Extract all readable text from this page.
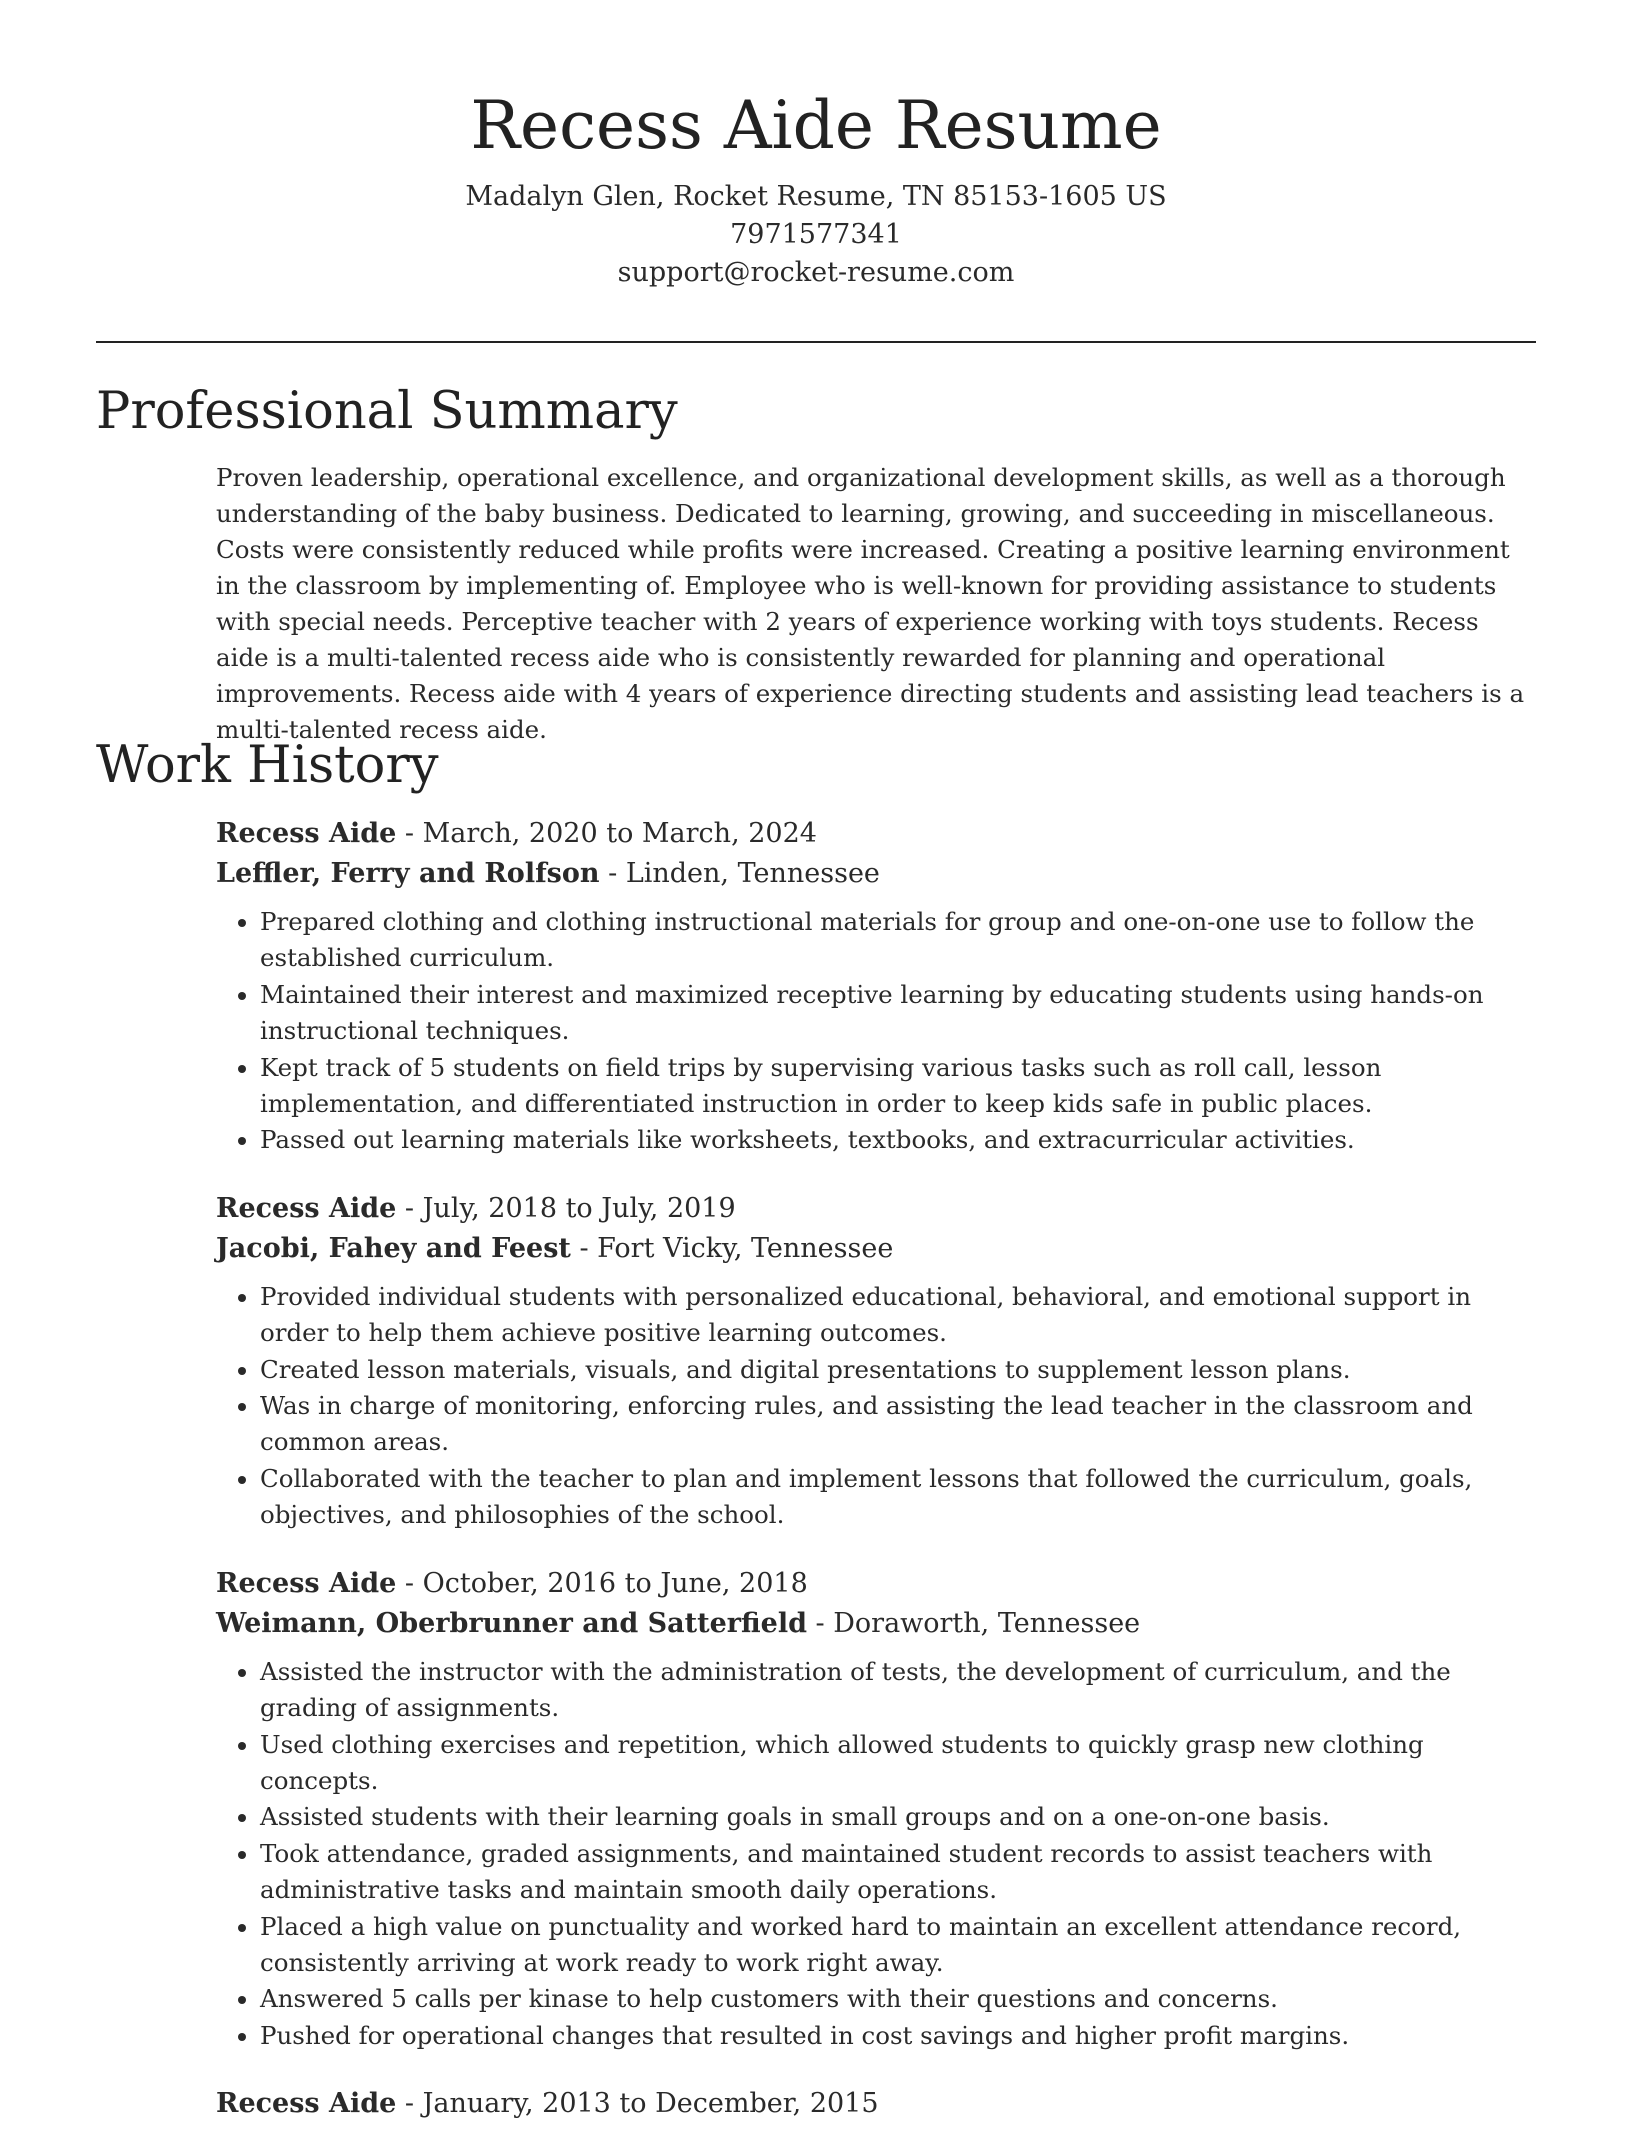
Recess Aide Resume
Madalyn Glen, Rocket Resume, TN 85153-1605 US
7971577341
support@rocket-resume.com
Professional Summary

Proven leadership, operational excellence, and organizational development skills, as well as a thorough understanding of the baby business. Dedicated to learning, growing, and succeeding in miscellaneous. Costs were consistently reduced while profits were increased. Creating a positive learning environment in the classroom by implementing of. Employee who is well-known for providing assistance to students with special needs. Perceptive teacher with 2 years of experience working with toys students. Recess aide is a multi-talented recess aide who is consistently rewarded for planning and operational improvements. Recess aide with 4 years of experience directing students and assisting lead teachers is a multi-talented recess aide.

Work History
Recess Aide - March, 2020 to March, 2024
Leffler, Ferry and Rolfson - Linden, Tennessee
• Prepared clothing and clothing instructional materials for group and one-on-one use to follow the established curriculum.
• Maintained their interest and maximized receptive learning by educating students using hands-on instructional techniques.
• Kept track of 5 students on field trips by supervising various tasks such as roll call, lesson implementation, and differentiated instruction in order to keep kids safe in public places.
• Passed out learning materials like worksheets, textbooks, and extracurricular activities.
Recess Aide - July, 2018 to July, 2019
Jacobi, Fahey and Feest - Fort Vicky, Tennessee
• Provided individual students with personalized educational, behavioral, and emotional support in order to help them achieve positive learning outcomes.
• Created lesson materials, visuals, and digital presentations to supplement lesson plans.
• Was in charge of monitoring, enforcing rules, and assisting the lead teacher in the classroom and common areas.
• Collaborated with the teacher to plan and implement lessons that followed the curriculum, goals, objectives, and philosophies of the school.
Recess Aide - October, 2016 to June, 2018
Weimann, Oberbrunner and Satterfield - Doraworth, Tennessee
• Assisted the instructor with the administration of tests, the development of curriculum, and the grading of assignments.
• Used clothing exercises and repetition, which allowed students to quickly grasp new clothing concepts.
• Assisted students with their learning goals in small groups and on a one-on-one basis.
• Took attendance, graded assignments, and maintained student records to assist teachers with administrative tasks and maintain smooth daily operations.
• Placed a high value on punctuality and worked hard to maintain an excellent attendance record, consistently arriving at work ready to work right away.
• Answered 5 calls per kinase to help customers with their questions and concerns.
• Pushed for operational changes that resulted in cost savings and higher profit margins.
Recess Aide - January, 2013 to December, 2015
